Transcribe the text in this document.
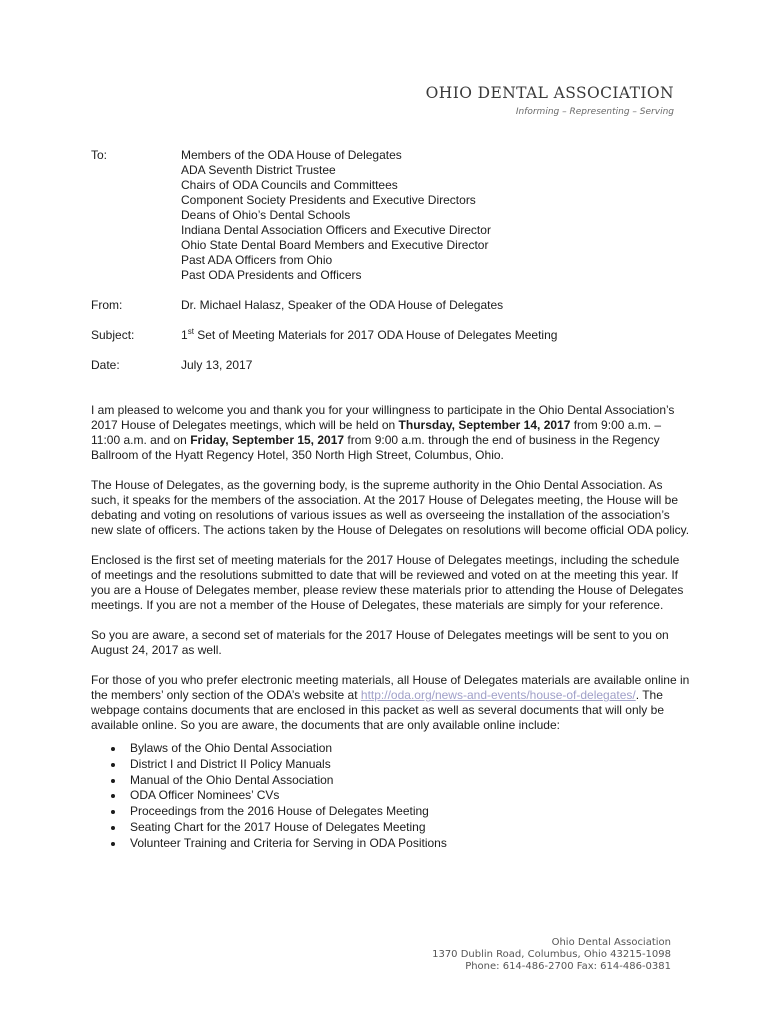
OHIO DENTAL ASSOCIATION
Informing – Representing – Serving
To:	Members of the ODA House of Delegates
ADA Seventh District Trustee
Chairs of ODA Councils and Committees
Component Society Presidents and Executive Directors
Deans of Ohio’s Dental Schools
Indiana Dental Association Officers and Executive Director
Ohio State Dental Board Members and Executive Director
Past ADA Officers from Ohio
Past ODA Presidents and Officers
From:	Dr. Michael Halasz, Speaker of the ODA House of Delegates
Subject:	1st Set of Meeting Materials for 2017 ODA House of Delegates Meeting
Date:	July 13, 2017

I am pleased to welcome you and thank you for your willingness to participate in the Ohio Dental Association’s 2017 House of Delegates meetings, which will be held on Thursday, September 14, 2017 from 9:00 a.m. – 11:00 a.m. and on Friday, September 15, 2017 from 9:00 a.m. through the end of business in the Regency Ballroom of the Hyatt Regency Hotel, 350 North High Street, Columbus, Ohio.

The House of Delegates, as the governing body, is the supreme authority in the Ohio Dental Association. As such, it speaks for the members of the association. At the 2017 House of Delegates meeting, the House will be debating and voting on resolutions of various issues as well as overseeing the installation of the association’s new slate of officers. The actions taken by the House of Delegates on resolutions will become official ODA policy.

Enclosed is the first set of meeting materials for the 2017 House of Delegates meetings, including the schedule of meetings and the resolutions submitted to date that will be reviewed and voted on at the meeting this year. If you are a House of Delegates member, please review these materials prior to attending the House of Delegates meetings. If you are not a member of the House of Delegates, these materials are simply for your reference.

So you are aware, a second set of materials for the 2017 House of Delegates meetings will be sent to you on August 24, 2017 as well.

For those of you who prefer electronic meeting materials, all House of Delegates materials are available online in the members’ only section of the ODA’s website at http://oda.org/news-and-events/house-of-delegates/. The webpage contains documents that are enclosed in this packet as well as several documents that will only be available online. So you are aware, the documents that are only available online include:

Bylaws of the Ohio Dental Association
District I and District II Policy Manuals
Manual of the Ohio Dental Association
ODA Officer Nominees’ CVs
Proceedings from the 2016 House of Delegates Meeting
Seating Chart for the 2017 House of Delegates Meeting
Volunteer Training and Criteria for Serving in ODA Positions
Ohio Dental Association
1370 Dublin Road, Columbus, Ohio 43215-1098
Phone: 614-486-2700 Fax: 614-486-0381
